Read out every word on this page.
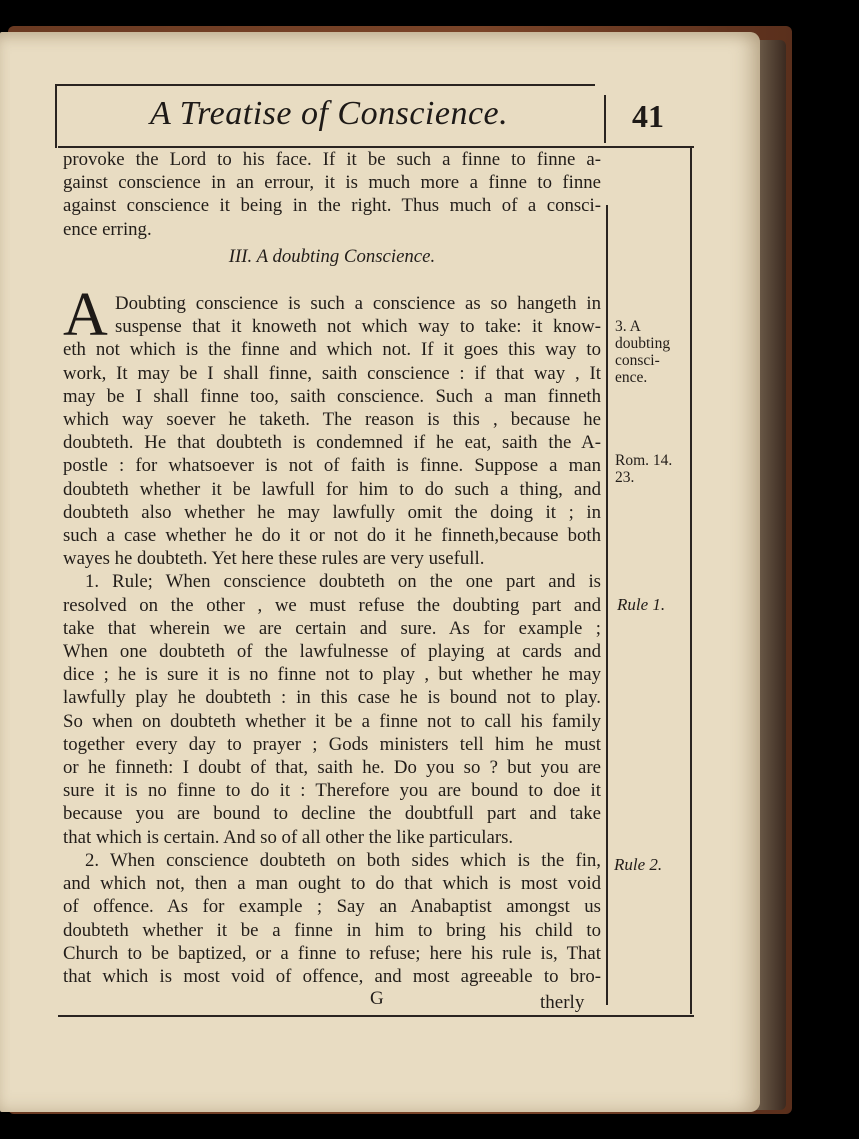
A Treatise of Conscience.	41
provoke the Lord to his face. If it be such a finne to finne a-
gainst conscience in an errour, it is much more a finne to finne
against conscience it being in the right. Thus much of a consci-
ence erring.
III. A doubting Conscience.
Doubting conscience is such a conscience as so hangeth in
suspense that it knoweth not which way to take: it know-
eth not which is the finne and which not. If it goes this way to
work, It may be I shall finne, saith conscience : if that way , It
may be I shall finne too, saith conscience. Such a man finneth
which way soever he taketh. The reason is this , because he
doubteth. He that doubteth is condemned if he eat, saith the A-
postle : for whatsoever is not of faith is finne. Suppose a man
doubteth whether it be lawfull for him to do such a thing, and
doubteth also whether he may lawfully omit the doing it ; in
such a case whether he do it or not do it he finneth,because both
wayes he doubteth. Yet here these rules are very usefull.
1. Rule; When conscience doubteth on the one part and is
resolved on the other , we must refuse the doubting part and
take that wherein we are certain and sure. As for example ;
When one doubteth of the lawfulnesse of playing at cards and
dice ; he is sure it is no finne not to play , but whether he may
lawfully play he doubteth : in this case he is bound not to play.
So when on doubteth whether it be a finne not to call his family
together every day to prayer ; Gods ministers tell him he must
or he finneth: I doubt of that, saith he. Do you so ? but you are
sure it is no finne to do it : Therefore you are bound to doe it
because you are bound to decline the doubtfull part and take
that which is certain. And so of all other the like particulars.
2. When conscience doubteth on both sides which is the fin,
and which not, then a man ought to do that which is most void
of offence. As for example ; Say an Anabaptist amongst us
doubteth whether it be a finne in him to bring his child to
Church to be baptized, or a finne to refuse; here his rule is, That
that which is most void of offence, and most agreeable to bro-
A	3. A
doubting
consci-
ence.
Rom. 14.
23.
Rule 1.
Rule 2.
G	therly
